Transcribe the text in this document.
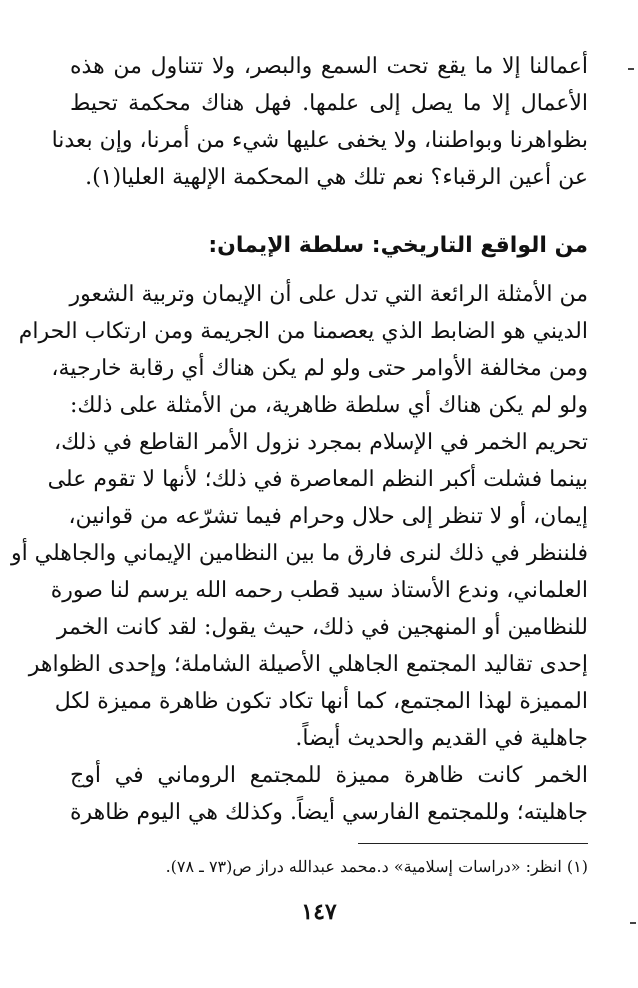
أعمالنا إلا ما يقع تحت السمع والبصر، ولا تتناول من هذه
الأعمال إلا ما يصل إلى علمها. فهل هناك محكمة تحيط
بظواهرنا وبواطننا، ولا يخفى عليها شيء من أمرنا، وإن بعدنا
عن أعين الرقباء؟ نعم تلك هي المحكمة الإلهية العليا(١).
من الواقع التاريخي: سلطة الإيمان:
من الأمثلة الرائعة التي تدل على أن الإيمان وتربية الشعور
الديني هو الضابط الذي يعصمنا من الجريمة ومن ارتكاب الحرام
ومن مخالفة الأوامر حتى ولو لم يكن هناك أي رقابة خارجية،
ولو لم يكن هناك أي سلطة ظاهرية، من الأمثلة على ذلك:
تحريم الخمر في الإسلام بمجرد نزول الأمر القاطع في ذلك،
بينما فشلت أكبر النظم المعاصرة في ذلك؛ لأنها لا تقوم على
إيمان، أو لا تنظر إلى حلال وحرام فيما تشرّعه من قوانين،
فلننظر في ذلك لنرى فارق ما بين النظامين الإيماني والجاهلي أو
العلماني، وندع الأستاذ سيد قطب رحمه الله يرسم لنا صورة
للنظامين أو المنهجين في ذلك، حيث يقول: لقد كانت الخمر
إحدى تقاليد المجتمع الجاهلي الأصيلة الشاملة؛ وإحدى الظواهر
المميزة لهذا المجتمع، كما أنها تكاد تكون ظاهرة مميزة لكل
جاهلية في القديم والحديث أيضاً.
الخمر كانت ظاهرة مميزة للمجتمع الروماني في أوج
جاهليته؛ وللمجتمع الفارسي أيضاً. وكذلك هي اليوم ظاهرة
(١) انظر: «دراسات إسلامية» د.محمد عبدالله دراز ص(٧٣ ـ ٧٨).
١٤٧
